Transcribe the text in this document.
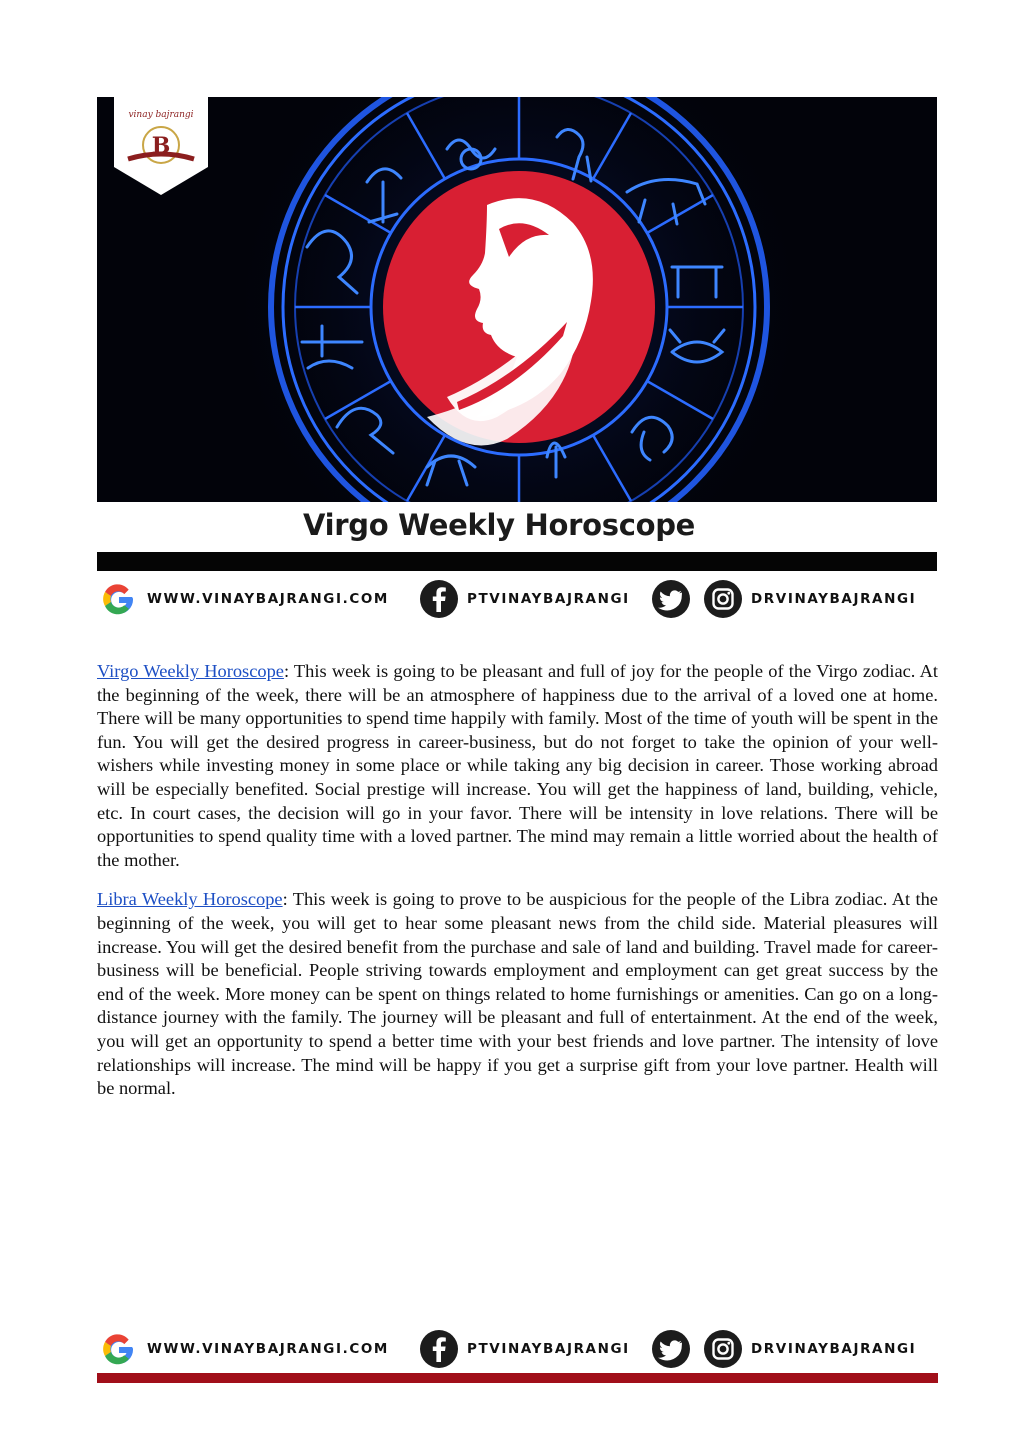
vinay bajrangi
B
Virgo Weekly Horoscope
WWW.VINAYBAJRANGI.COM	PTVINAYBAJRANGI	DRVINAYBAJRANGI

Virgo Weekly Horoscope: This week is going to be pleasant and full of joy for the people of the Virgo zodiac. At the beginning of the week, there will be an atmosphere of happiness due to the arrival of a loved one at home. There will be many opportunities to spend time happily with family. Most of the time of youth will be spent in the fun. You will get the desired progress in career-business, but do not forget to take the opinion of your well-wishers while investing money in some place or while taking any big decision in career. Those working abroad will be especially benefited. Social prestige will increase. You will get the happiness of land, building, vehicle, etc. In court cases, the decision will go in your favor. There will be intensity in love relations. There will be opportunities to spend quality time with a loved partner. The mind may remain a little worried about the health of the mother.

Libra Weekly Horoscope: This week is going to prove to be auspicious for the people of the Libra zodiac. At the beginning of the week, you will get to hear some pleasant news from the child side. Material pleasures will increase. You will get the desired benefit from the purchase and sale of land and building. Travel made for career-business will be beneficial. People striving towards employment and employment can get great success by the end of the week. More money can be spent on things related to home furnishings or amenities. Can go on a long-distance journey with the family. The journey will be pleasant and full of entertainment. At the end of the week, you will get an opportunity to spend a better time with your best friends and love partner. The intensity of love relationships will increase. The mind will be happy if you get a surprise gift from your love partner. Health will be normal.

WWW.VINAYBAJRANGI.COM	PTVINAYBAJRANGI	DRVINAYBAJRANGI
